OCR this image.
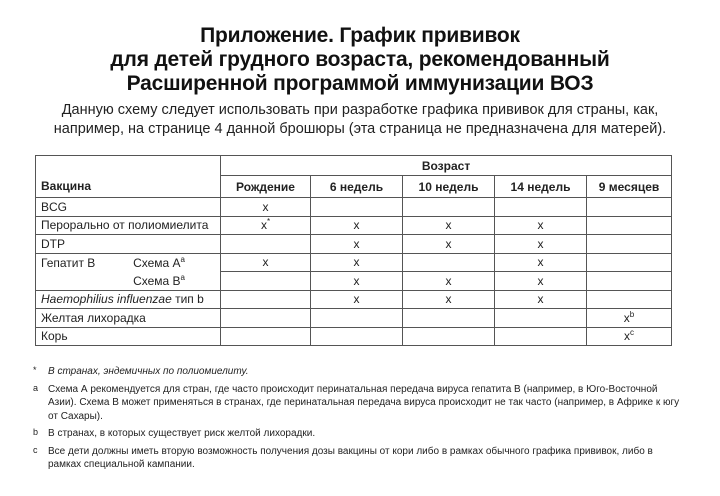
Приложение. График прививок
для детей грудного возраста, рекомендованный
Расширенной программой иммунизации ВОЗ
Данную схему следует использовать при разработке графика прививок для страны, как,
например, на странице 4 данной брошюры (эта страница не предназначена для матерей).
	Возраст				
Вакцина	Рождение	6 недель	10 недель	14 недель	9 месяцев
BCG	x				
Перорально от полиомиелита	x*	x	x	x	
DTP		x	x	x	

Гепатит B Схема $А^a$	x	x		x	

Схема $В^a$		x	x	x	
Haemophilius influenzae тип b		x	x	x	
Желтая лихорадка					$x^b$
Корь					$x^c$
* В странах, эндемичных по полиомиелиту.
a Схема А рекомендуется для стран, где часто происходит перинатальная передача вируса гепатита В (например, в Юго-Восточной Азии). Схема В может применяться в странах, где перинатальная передача вируса происходит не так часто (например, в Африке к югу от Сахары).
b В странах, в которых существует риск желтой лихорадки.
c Все дети должны иметь вторую возможность получения дозы вакцины от кори либо в рамках обычного графика прививок, либо в рамках специальной кампании.
